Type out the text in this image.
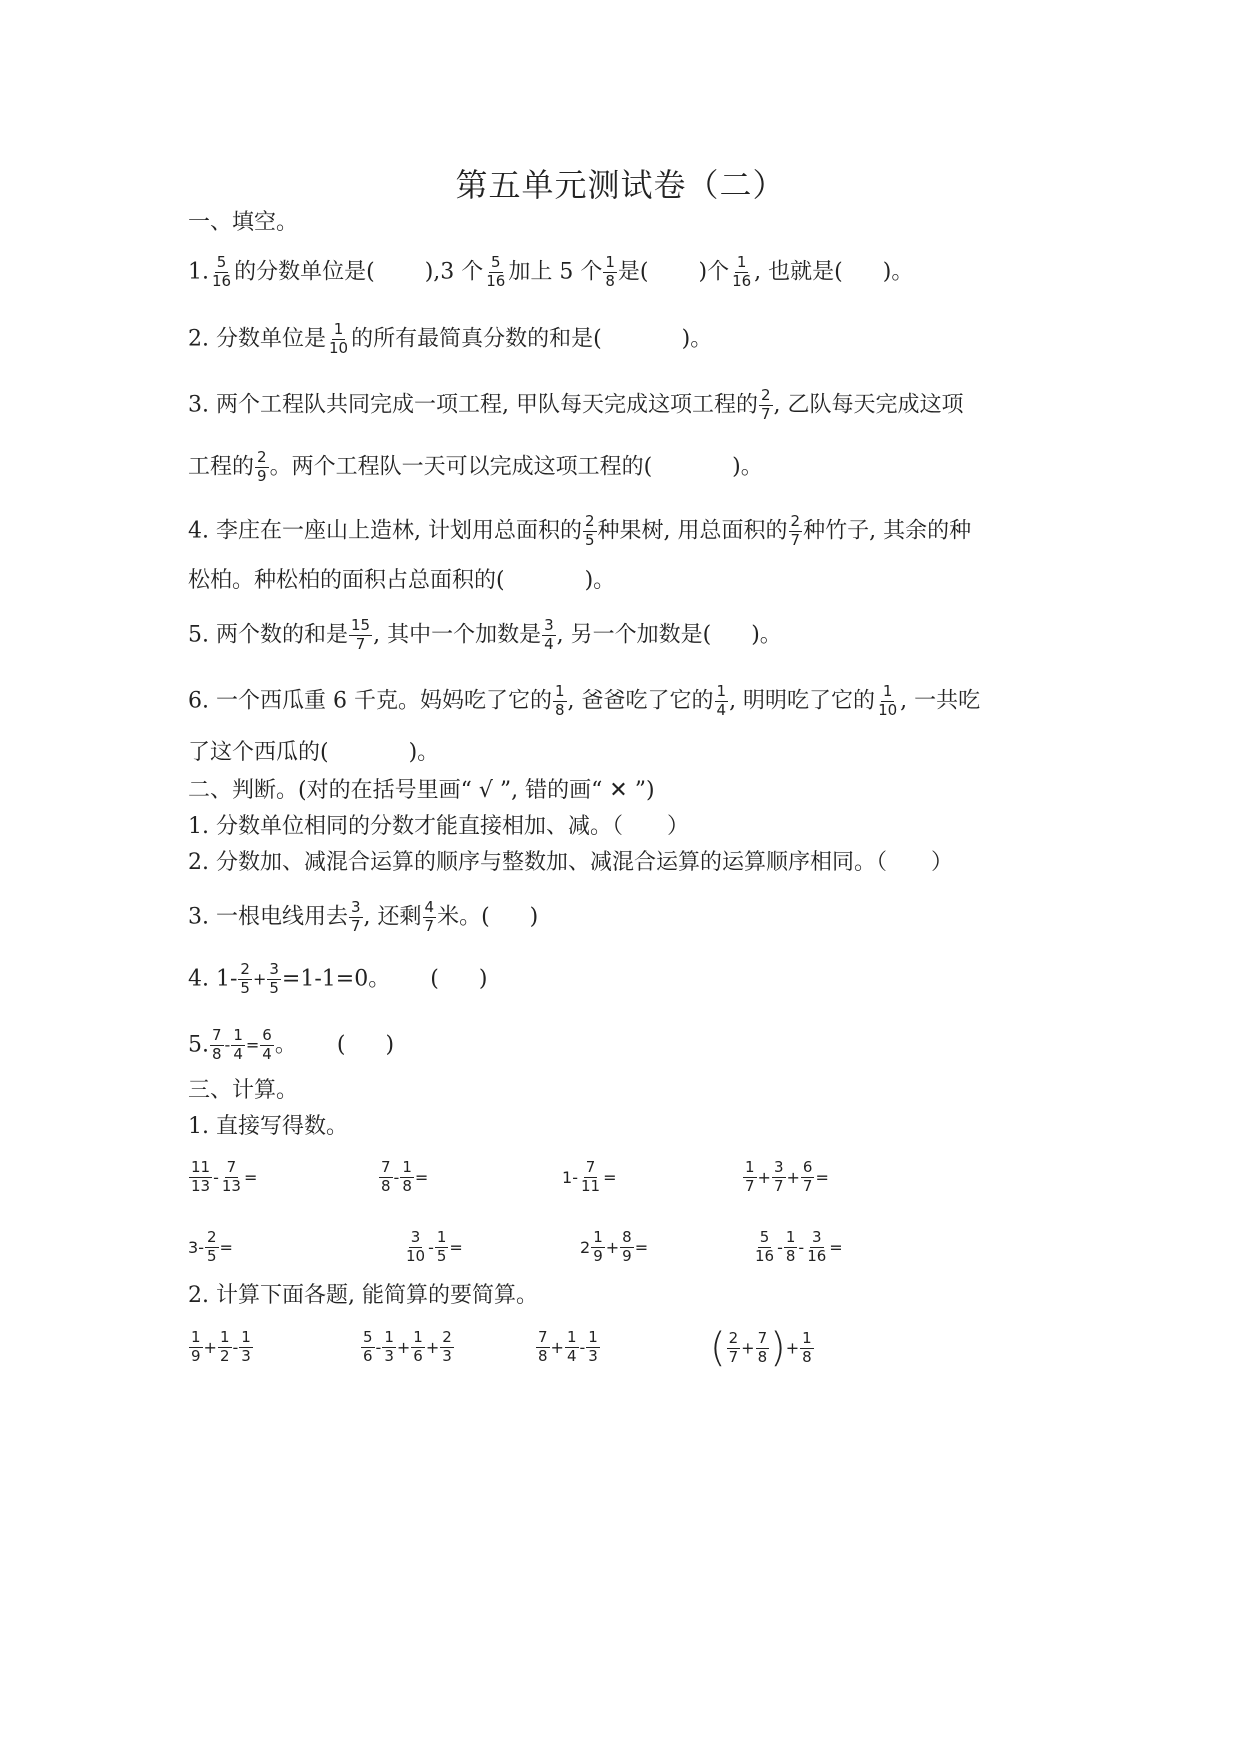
第五单元测试卷（二）
一、填空。
1. $\frac{5}{16}$ 的分数单位是( ),3 个 $\frac{5}{16}$ 加上 5 个 $\frac{1}{8}$ 是( )个 $\frac{1}{16}$ , 也就是( )。
2. 分数单位是 $\frac{1}{10}$ 的所有最简真分数的和是(	)。
3. 两个工程队共同完成一项工程, 甲队每天完成这项工程的 $\frac{2}{7}$ , 乙队每天完成这项
工程的 $\frac{2}{9}$ 。两个工程队一天可以完成这项工程的(	)。
4. 李庄在一座山上造林, 计划用总面积的 $\frac{2}{5}$ 种果树, 用总面积的 $\frac{2}{7}$ 种竹子, 其余的种
松柏。种松柏的面积占总面积的(	)。
5. 两个数的和是 $\frac{15}{7}$ , 其中一个加数是 $\frac{3}{4}$ , 另一个加数是( )。
6. 一个西瓜重 6 千克。妈妈吃了它的 $\frac{1}{8}$ , 爸爸吃了它的 $\frac{1}{4}$ , 明明吃了它的 $\frac{1}{10}$ , 一共吃
了这个西瓜的(	)。
二、判断。(对的在括号里画“ √ ”, 错的画“ ✕ ”)
1. 分数单位相同的分数才能直接相加、减。（　　）
2. 分数加、减混合运算的顺序与整数加、减混合运算的运算顺序相同。（　　）
3. 一根电线用去 $\frac{3}{7}$ , 还剩 $\frac{4}{7}$ 米。( )
4. $1- \frac{2}{5} + \frac{3}{5} =1-1=0$。 ( )
5. $\frac{7}{8} - \frac{1}{4} = \frac{6}{4}$ 。 ( )
三、计算。
1. 直接写得数。
$\frac{11}{13} - \frac{7}{13}$ =	$\frac{7}{8} - \frac{1}{8}$ =	$1- \frac{7}{11}$ =	$\frac{1}{7} + \frac{3}{7} + \frac{6}{7}$ =
$3- \frac{2}{5}$ =	$\frac{3}{10} - \frac{1}{5}$ =	$2 \frac{1}{9} + \frac{8}{9}$ =	$\frac{5}{16} - \frac{1}{8} - \frac{3}{16}$ =
2. 计算下面各题, 能简算的要简算。
$\frac{1}{9} + \frac{1}{2} - \frac{1}{3}$	$\frac{5}{6} - \frac{1}{3} + \frac{1}{6} + \frac{2}{3}$	$\frac{7}{8} + \frac{1}{4} - \frac{1}{3}$	( $\frac{2}{7} + \frac{7}{8}$ )+ $\frac{1}{8}$
